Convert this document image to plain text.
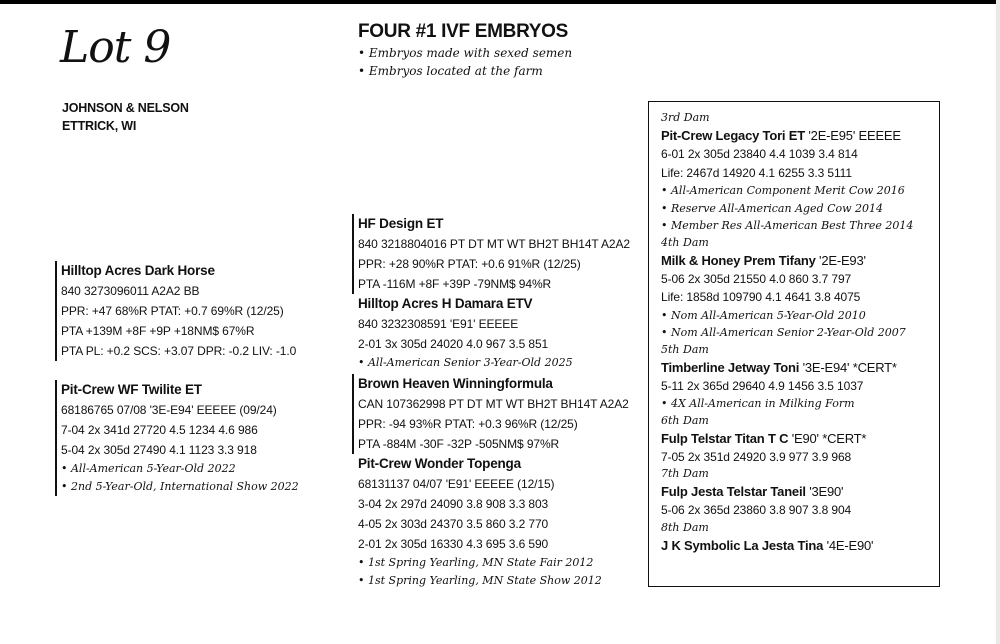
Lot 9
JOHNSON & NELSON
ETTRICK, WI
FOUR #1 IVF EMBRYOS
• Embryos made with sexed semen
• Embryos located at the farm
Hilltop Acres Dark Horse
840 3273096011 A2A2 BB
PPR: +47 68%R PTAT: +0.7 69%R (12/25)
PTA +139M +8F +9P +18NM$ 67%R
PTA PL: +0.2 SCS: +3.07 DPR: -0.2 LIV: -1.0
Pit-Crew WF Twilite ET
68186765 07/08 '3E-E94' EEEEE (09/24)
7-04 2x 341d 27720 4.5 1234 4.6 986
5-04 2x 305d 27490 4.1 1123 3.3 918
• All-American 5-Year-Old 2022
• 2nd 5-Year-Old, International Show 2022
HF Design ET
840 3218804016 PT DT MT WT BH2T BH14T A2A2
PPR: +28 90%R PTAT: +0.6 91%R (12/25)
PTA -116M +8F +39P -79NM$ 94%R
Hilltop Acres H Damara ETV
840 3232308591 'E91' EEEEE
2-01 3x 305d 24020 4.0 967 3.5 851
• All-American Senior 3-Year-Old 2025
Brown Heaven Winningformula
CAN 107362998 PT DT MT WT BH2T BH14T A2A2
PPR: -94 93%R PTAT: +0.3 96%R (12/25)
PTA -884M -30F -32P -505NM$ 97%R
Pit-Crew Wonder Topenga
68131137 04/07 'E91' EEEEE (12/15)
3-04 2x 297d 24090 3.8 908 3.3 803
4-05 2x 303d 24370 3.5 860 3.2 770
2-01 2x 305d 16330 4.3 695 3.6 590
• 1st Spring Yearling, MN State Fair 2012
• 1st Spring Yearling, MN State Show 2012
3rd Dam
Pit-Crew Legacy Tori ET '2E-E95' EEEEE
6-01 2x 305d 23840 4.4 1039 3.4 814
Life: 2467d 14920 4.1 6255 3.3 5111
• All-American Component Merit Cow 2016
• Reserve All-American Aged Cow 2014
• Member Res All-American Best Three 2014
4th Dam
Milk & Honey Prem Tifany '2E-E93'
5-06 2x 305d 21550 4.0 860 3.7 797
Life: 1858d 109790 4.1 4641 3.8 4075
• Nom All-American 5-Year-Old 2010
• Nom All-American Senior 2-Year-Old 2007
5th Dam
Timberline Jetway Toni '3E-E94' *CERT*
5-11 2x 365d 29640 4.9 1456 3.5 1037
• 4X All-American in Milking Form
6th Dam
Fulp Telstar Titan T C 'E90' *CERT*
7-05 2x 351d 24920 3.9 977 3.9 968
7th Dam
Fulp Jesta Telstar Taneil '3E90'
5-06 2x 365d 23860 3.8 907 3.8 904
8th Dam
J K Symbolic La Jesta Tina '4E-E90'
